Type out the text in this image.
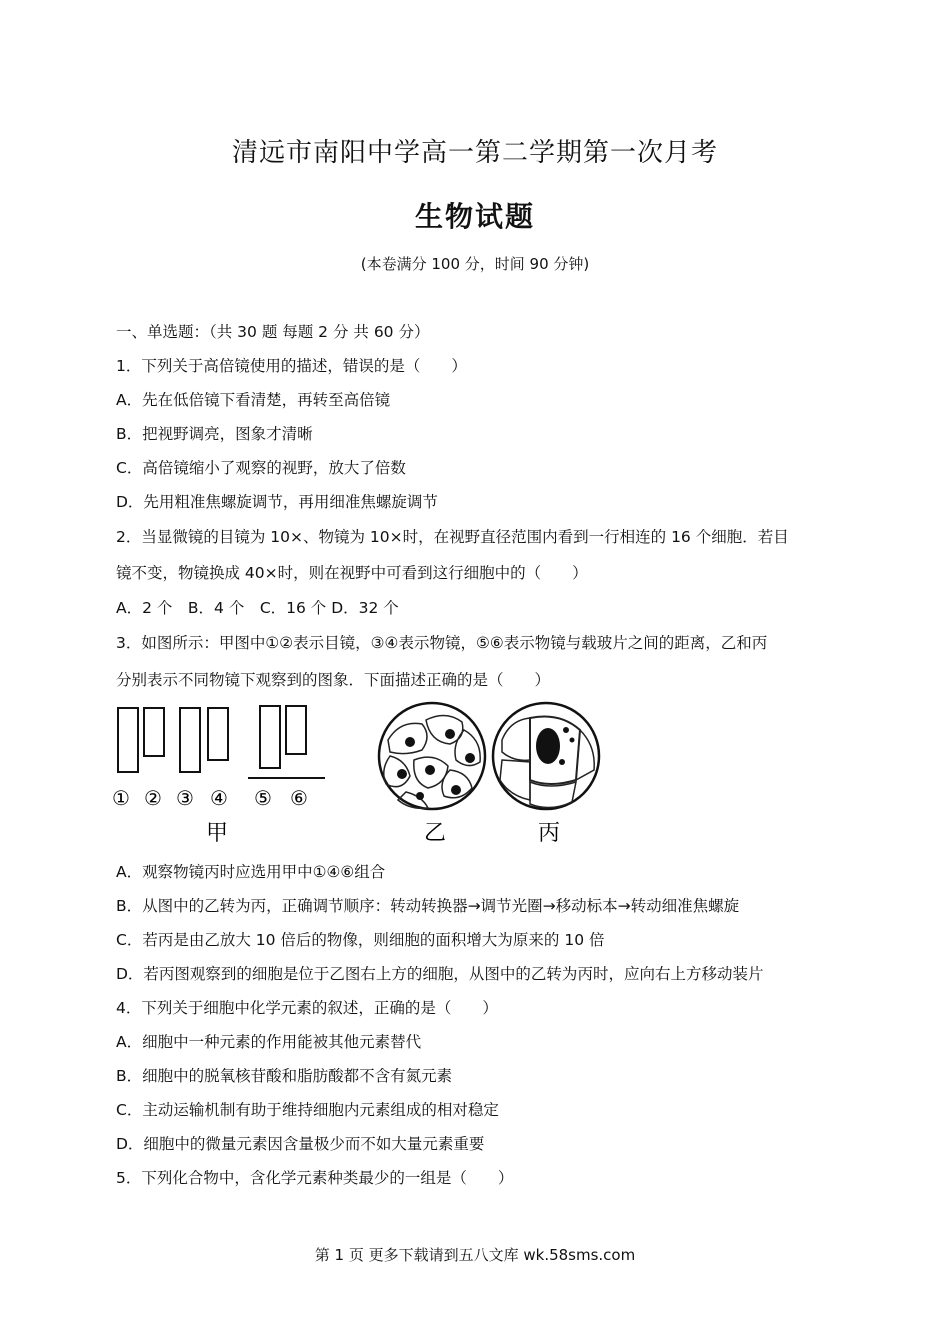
清远市南阳中学高一第二学期第一次月考
生物试题
(本卷满分 100 分，时间 90 分钟)
一、单选题：（共 30 题 每题 2 分 共 60 分）
1．下列关于高倍镜使用的描述，错误的是（　　）
A．先在低倍镜下看清楚，再转至高倍镜
B．把视野调亮，图象才清晰
C．高倍镜缩小了观察的视野，放大了倍数
D．先用粗准焦螺旋调节，再用细准焦螺旋调节
2．当显微镜的目镜为 10×、物镜为 10×时，在视野直径范围内看到一行相连的 16 个细胞．若目
镜不变，物镜换成 40×时，则在视野中可看到这行细胞中的（　　）
A．2 个　B．4 个　C．16 个 D．32 个
3．如图所示：甲图中①②表示目镜，③④表示物镜，⑤⑥表示物镜与载玻片之间的距离，乙和丙
分别表示不同物镜下观察到的图象．下面描述正确的是（　　）
① ② ③ ④ ⑤ ⑥
甲	乙	丙
A．观察物镜丙时应选用甲中①④⑥组合
B．从图中的乙转为丙，正确调节顺序：转动转换器→调节光圈→移动标本→转动细准焦螺旋
C．若丙是由乙放大 10 倍后的物像，则细胞的面积增大为原来的 10 倍
D．若丙图观察到的细胞是位于乙图右上方的细胞，从图中的乙转为丙时，应向右上方移动装片
4．下列关于细胞中化学元素的叙述，正确的是（　　）
A．细胞中一种元素的作用能被其他元素替代
B．细胞中的脱氧核苷酸和脂肪酸都不含有氮元素
C．主动运输机制有助于维持细胞内元素组成的相对稳定
D．细胞中的微量元素因含量极少而不如大量元素重要
5．下列化合物中，含化学元素种类最少的一组是（　　）
第 1 页 更多下载请到五八文库 wk.58sms.com
